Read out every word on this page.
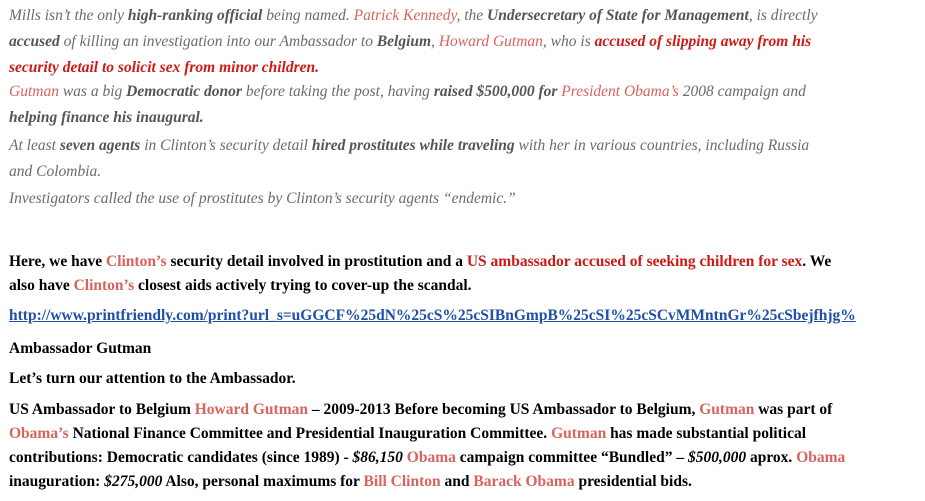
Mills isn’t the only high-ranking official being named. Patrick Kennedy, the Undersecretary of State for Management, is directly
accused of killing an investigation into our Ambassador to Belgium, Howard Gutman, who is accused of slipping away from his
security detail to solicit sex from minor children.

Gutman was a big Democratic donor before taking the post, having raised $500,000 for President Obama’s 2008 campaign and
helping finance his inaugural.

At least seven agents in Clinton’s security detail hired prostitutes while traveling with her in various countries, including Russia
and Colombia.

Investigators called the use of prostitutes by Clinton’s security agents “endemic.”

Here, we have Clinton’s security detail involved in prostitution and a US ambassador accused of seeking children for sex. We
also have Clinton’s closest aids actively trying to cover-up the scandal.

http://www.printfriendly.com/print?url_s=uGGCF%25dN%25cS%25cSIBnGmpB%25cSI%25cSCvMMntnGr%25cSbejfhjg%

Ambassador Gutman

Let’s turn our attention to the Ambassador.

US Ambassador to Belgium Howard Gutman – 2009-2013 Before becoming US Ambassador to Belgium, Gutman was part of
Obama’s National Finance Committee and Presidential Inauguration Committee. Gutman has made substantial political
contributions: Democratic candidates (since 1989) - $86,150 Obama campaign committee “Bundled” – $500,000 aprox. Obama
inauguration: $275,000 Also, personal maximums for Bill Clinton and Barack Obama presidential bids.
